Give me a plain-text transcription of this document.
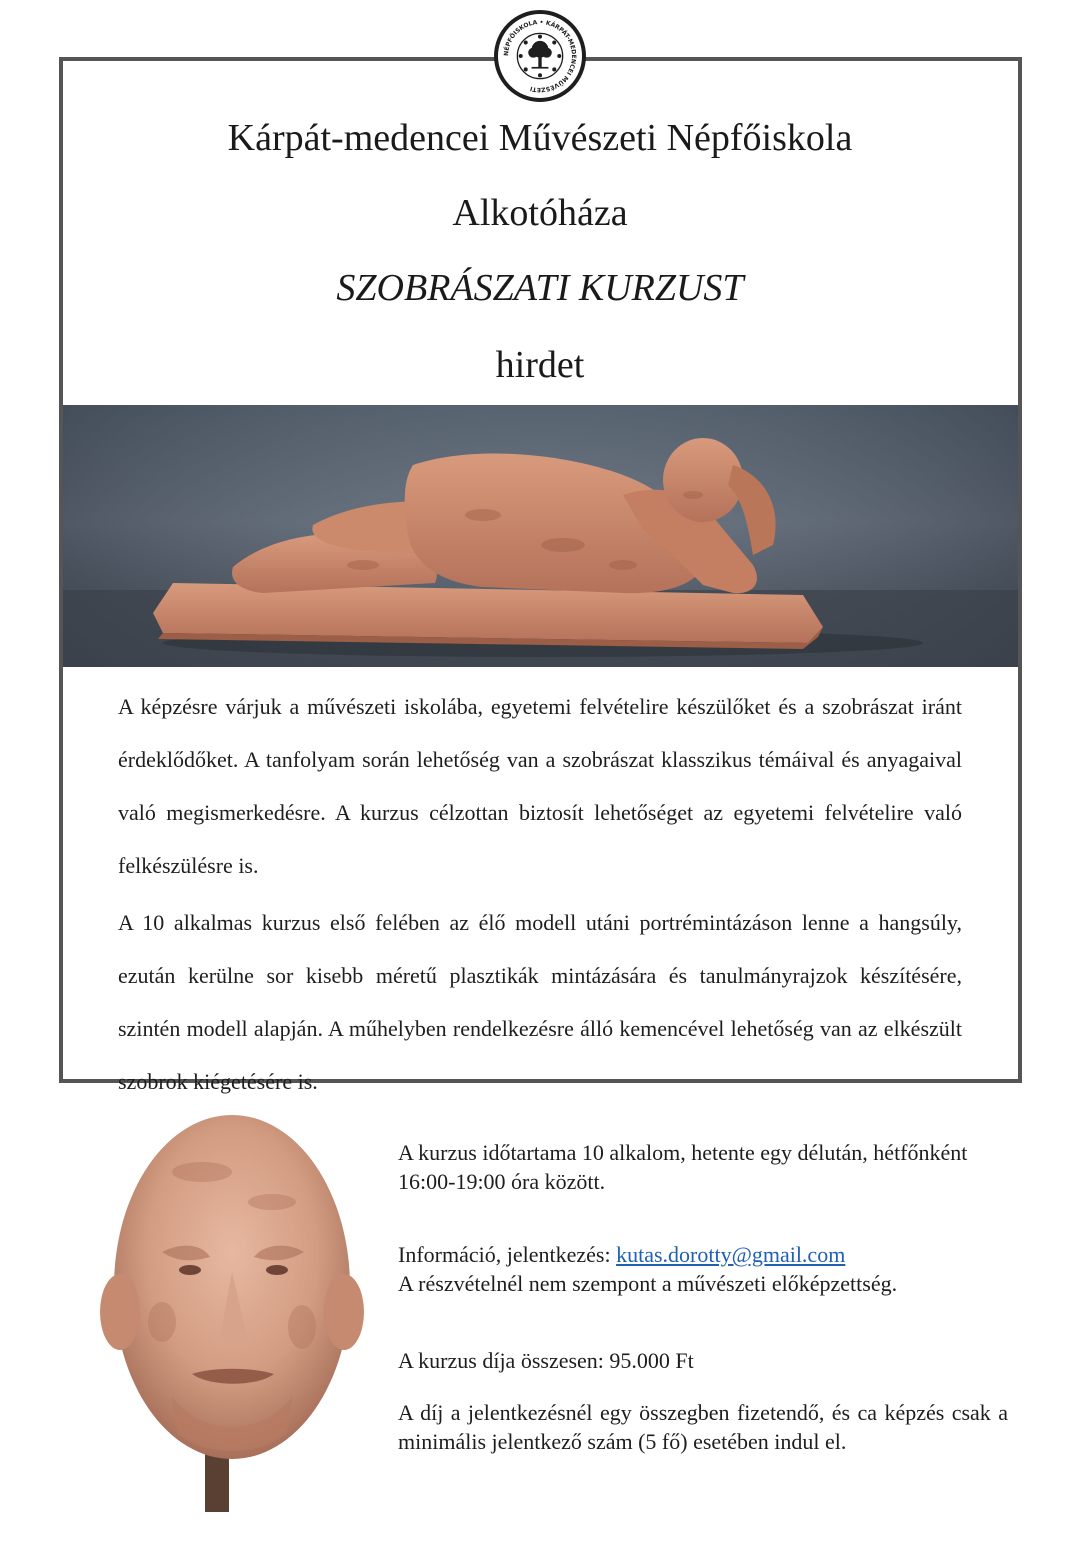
NÉPFŐISKOLA • KÁRPÁT-MEDENCEI MŰVÉSZETI
Kárpát-medencei Művészeti Népfőiskola
Alkotóháza
SZOBRÁSZATI KURZUST
hirdet

A képzésre várjuk a művészeti iskolába, egyetemi felvételire készülőket és a szobrászat iránt érdeklődőket. A tanfolyam során lehetőség van a szobrászat klasszikus témáival és anyagaival való megismerkedésre. A kurzus célzottan biztosít lehetőséget az egyetemi felvételire való felkészülésre is.

A 10 alkalmas kurzus első felében az élő modell utáni portrémintázáson lenne a hangsúly, ezután kerülne sor kisebb méretű plasztikák mintázására és tanulmányrajzok készítésére, szintén modell alapján. A műhelyben rendelkezésre álló kemencével lehetőség van az elkészült szobrok kiégetésére is.

A kurzus időtartama 10 alkalom, hetente egy délután, hétfőnként 16:00-19:00 óra között.

Információ, jelentkezés: kutas.dorotty@gmail.com
A részvételnél nem szempont a művészeti előképzettség.

A kurzus díja összesen: 95.000 Ft

A díj a jelentkezésnél egy összegben fizetendő, és ca képzés csak a minimális jelentkező szám (5 fő) esetében indul el.
